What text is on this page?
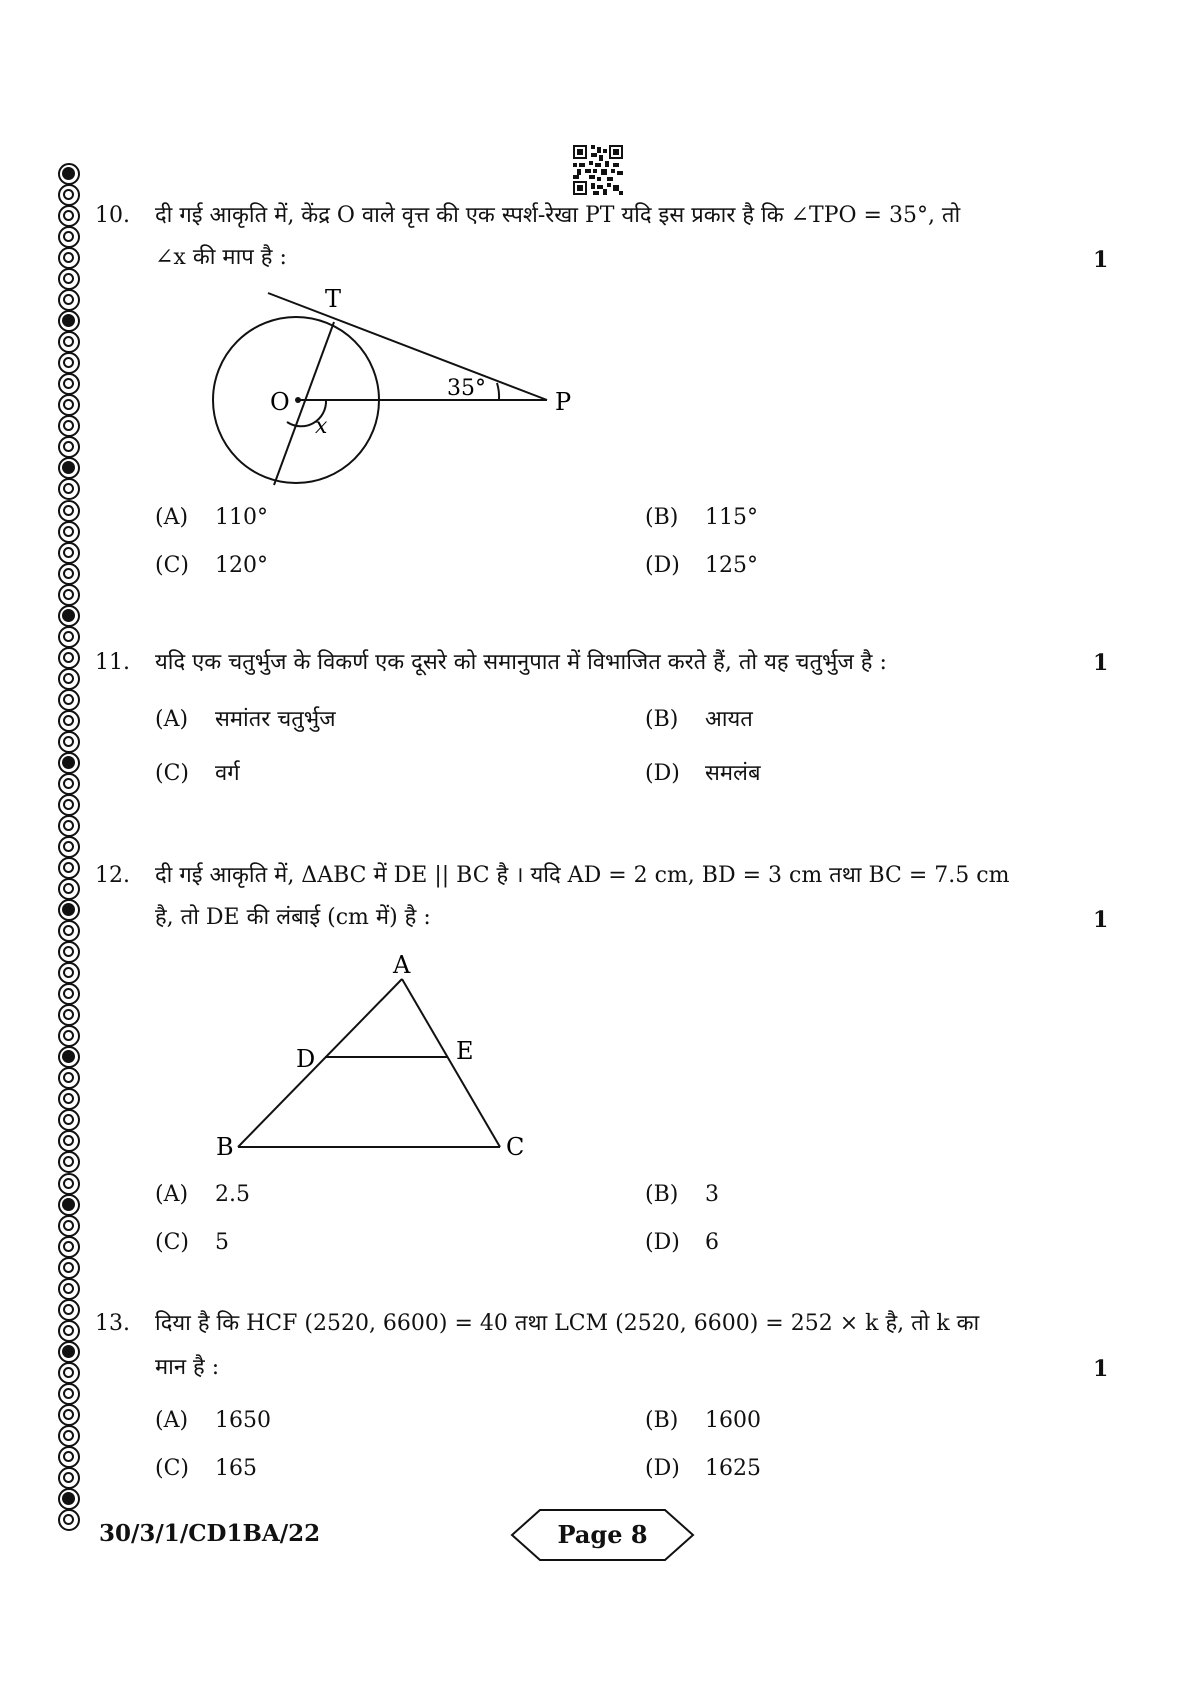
10. दी गई आकृति में, केंद्र O वाले वृत्त की एक स्पर्श-रेखा PT यदि इस प्रकार है कि ∠TPO = 35°, तो
∠x की माप है :	1
T
O	P
x
35°
(A) 110°	(B) 115°
(C) 120°	(D) 125°
11. यदि एक चतुर्भुज के विकर्ण एक दूसरे को समानुपात में विभाजित करते हैं, तो यह चतुर्भुज है :	1
(A) समांतर चतुर्भुज	(B) आयत
(C) वर्ग	(D) समलंब
12. दी गई आकृति में, ΔABC में DE || BC है । यदि AD = 2 cm, BD = 3 cm तथा BC = 7.5 cm
है, तो DE की लंबाई (cm में) है :	1
A
B	C
D	E
(A) 2.5	(B) 3
(C) 5	(D) 6
13. दिया है कि HCF (2520, 6600) = 40 तथा LCM (2520, 6600) = 252 × k है, तो k का
मान है :	1
(A) 1650	(B) 1600
(C) 165	(D) 1625
30/3/1/CD1BA/22	Page 8
